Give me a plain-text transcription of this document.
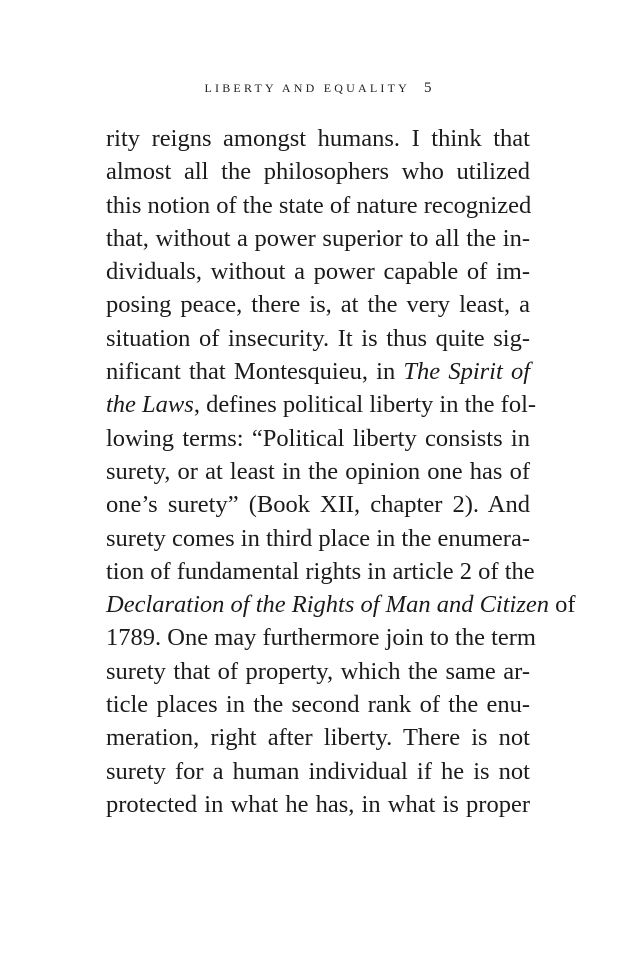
LIBERTY AND EQUALITY 5
rity reigns amongst humans. I think that
almost all the philosophers who utilized
this notion of the state of nature recognized
that, without a power superior to all the in-
dividuals, without a power capable of im-
posing peace, there is, at the very least, a
situation of insecurity. It is thus quite sig-
nificant that Montesquieu, in The Spirit of
the Laws, defines political liberty in the fol-
lowing terms: “Political liberty consists in
surety, or at least in the opinion one has of
one’s surety” (Book XII, chapter 2). And
surety comes in third place in the enumera-
tion of fundamental rights in article 2 of the
Declaration of the Rights of Man and Citizen of
1789. One may furthermore join to the term
surety that of property, which the same ar-
ticle places in the second rank of the enu-
meration, right after liberty. There is not
surety for a human individual if he is not
protected in what he has, in what is proper
